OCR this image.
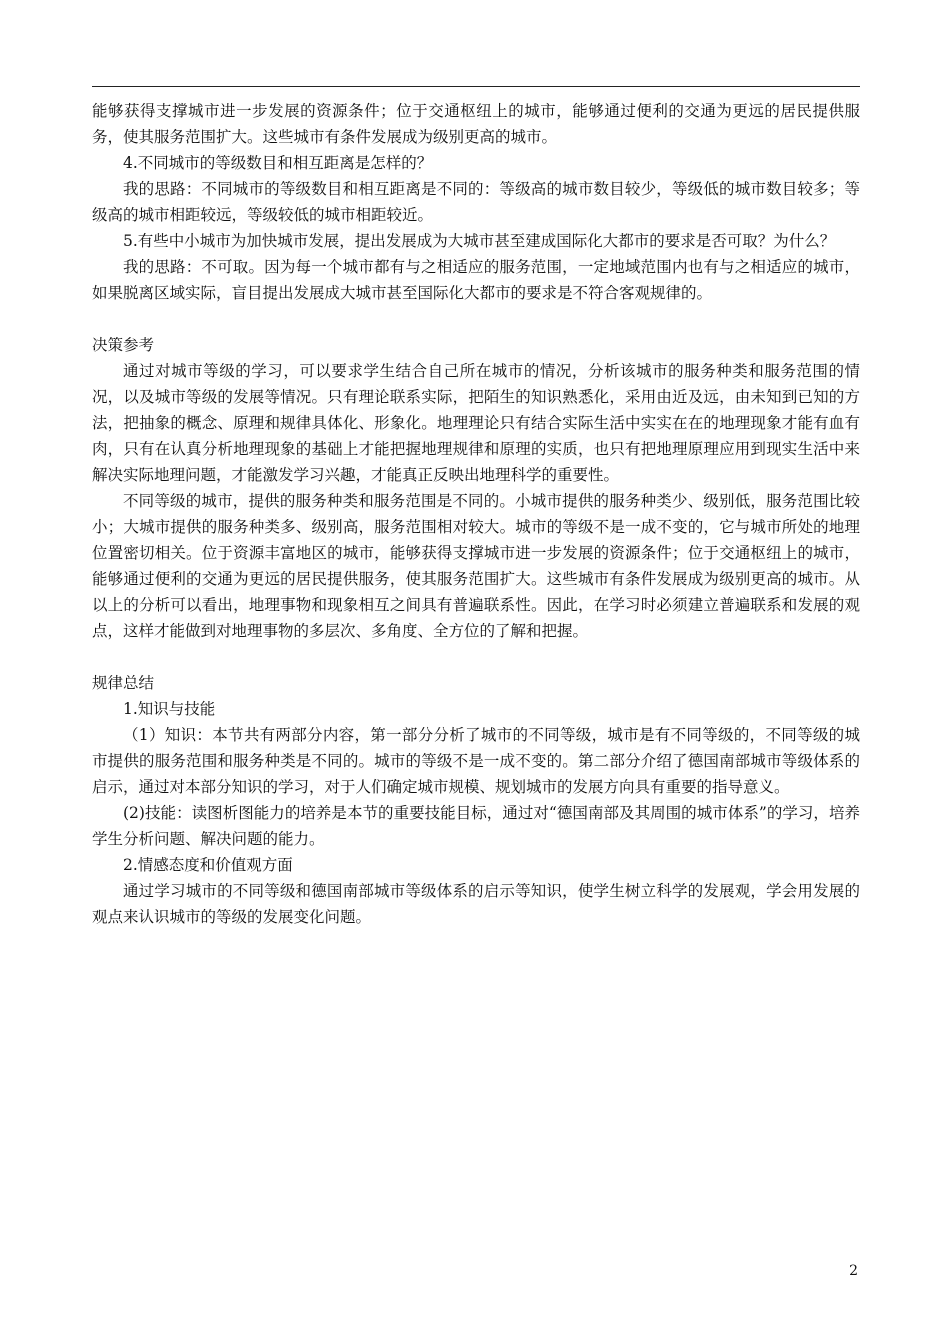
能够获得支撑城市进一步发展的资源条件；位于交通枢纽上的城市，能够通过便利的交通为更远的居民提供服务，使其服务范围扩大。这些城市有条件发展成为级别更高的城市。

4.不同城市的等级数目和相互距离是怎样的？

我的思路：不同城市的等级数目和相互距离是不同的：等级高的城市数目较少，等级低的城市数目较多；等级高的城市相距较远，等级较低的城市相距较近。

5.有些中小城市为加快城市发展，提出发展成为大城市甚至建成国际化大都市的要求是否可取？为什么？

我的思路：不可取。因为每一个城市都有与之相适应的服务范围，一定地域范围内也有与之相适应的城市，如果脱离区域实际，盲目提出发展成大城市甚至国际化大都市的要求是不符合客观规律的。

决策参考

通过对城市等级的学习，可以要求学生结合自己所在城市的情况，分析该城市的服务种类和服务范围的情况，以及城市等级的发展等情况。只有理论联系实际，把陌生的知识熟悉化，采用由近及远，由未知到已知的方法，把抽象的概念、原理和规律具体化、形象化。地理理论只有结合实际生活中实实在在的地理现象才能有血有肉，只有在认真分析地理现象的基础上才能把握地理规律和原理的实质，也只有把地理原理应用到现实生活中来解决实际地理问题，才能激发学习兴趣，才能真正反映出地理科学的重要性。

不同等级的城市，提供的服务种类和服务范围是不同的。小城市提供的服务种类少、级别低，服务范围比较小；大城市提供的服务种类多、级别高，服务范围相对较大。城市的等级不是一成不变的，它与城市所处的地理位置密切相关。位于资源丰富地区的城市，能够获得支撑城市进一步发展的资源条件；位于交通枢纽上的城市，能够通过便利的交通为更远的居民提供服务，使其服务范围扩大。这些城市有条件发展成为级别更高的城市。从以上的分析可以看出，地理事物和现象相互之间具有普遍联系性。因此，在学习时必须建立普遍联系和发展的观点，这样才能做到对地理事物的多层次、多角度、全方位的了解和把握。

规律总结

1.知识与技能

（1）知识：本节共有两部分内容，第一部分分析了城市的不同等级，城市是有不同等级的，不同等级的城市提供的服务范围和服务种类是不同的。城市的等级不是一成不变的。第二部分介绍了德国南部城市等级体系的启示，通过对本部分知识的学习，对于人们确定城市规模、规划城市的发展方向具有重要的指导意义。

(2)技能：读图析图能力的培养是本节的重要技能目标，通过对“德国南部及其周围的城市体系”的学习，培养学生分析问题、解决问题的能力。

2.情感态度和价值观方面

通过学习城市的不同等级和德国南部城市等级体系的启示等知识，使学生树立科学的发展观，学会用发展的观点来认识城市的等级的发展变化问题。

2
